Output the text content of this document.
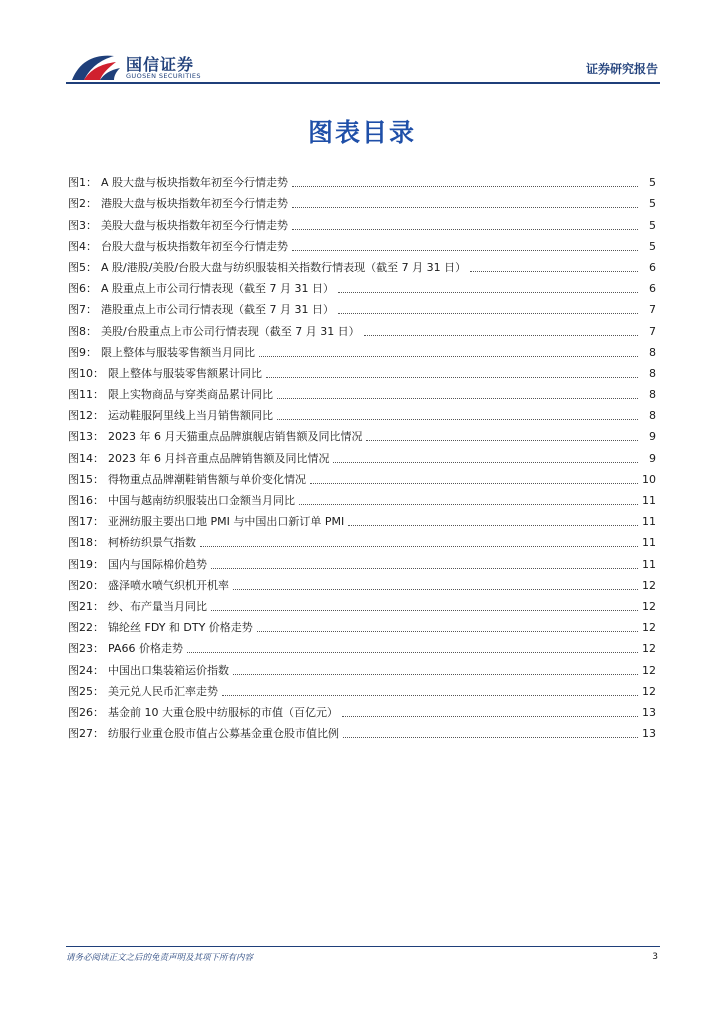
国信证券
GUOSEN SECURITIES	证券研究报告
图表目录
图1： A 股大盘与板块指数年初至今行情走势	5
图2： 港股大盘与板块指数年初至今行情走势	5
图3： 美股大盘与板块指数年初至今行情走势	5
图4： 台股大盘与板块指数年初至今行情走势	5
图5： A 股/港股/美股/台股大盘与纺织服装相关指数行情表现（截至 7 月 31 日）	6
图6： A 股重点上市公司行情表现（截至 7 月 31 日）	6
图7： 港股重点上市公司行情表现（截至 7 月 31 日）	7
图8： 美股/台股重点上市公司行情表现（截至 7 月 31 日）	7
图9： 限上整体与服装零售额当月同比	8
图10： 限上整体与服装零售额累计同比	8
图11： 限上实物商品与穿类商品累计同比	8
图12： 运动鞋服阿里线上当月销售额同比	8
图13： 2023 年 6 月天猫重点品牌旗舰店销售额及同比情况	9
图14： 2023 年 6 月抖音重点品牌销售额及同比情况	9
图15： 得物重点品牌潮鞋销售额与单价变化情况	10
图16： 中国与越南纺织服装出口金额当月同比	11
图17： 亚洲纺服主要出口地 PMI 与中国出口新订单 PMI	11
图18： 柯桥纺织景气指数	11
图19： 国内与国际棉价趋势	11
图20： 盛泽喷水喷气织机开机率	12
图21： 纱、布产量当月同比	12
图22： 锦纶丝 FDY 和 DTY 价格走势	12
图23： PA66 价格走势	12
图24： 中国出口集装箱运价指数	12
图25： 美元兑人民币汇率走势	12
图26： 基金前 10 大重仓股中纺服标的市值（百亿元）	13
图27： 纺服行业重仓股市值占公募基金重仓股市值比例	13
请务必阅读正文之后的免责声明及其项下所有内容	3
